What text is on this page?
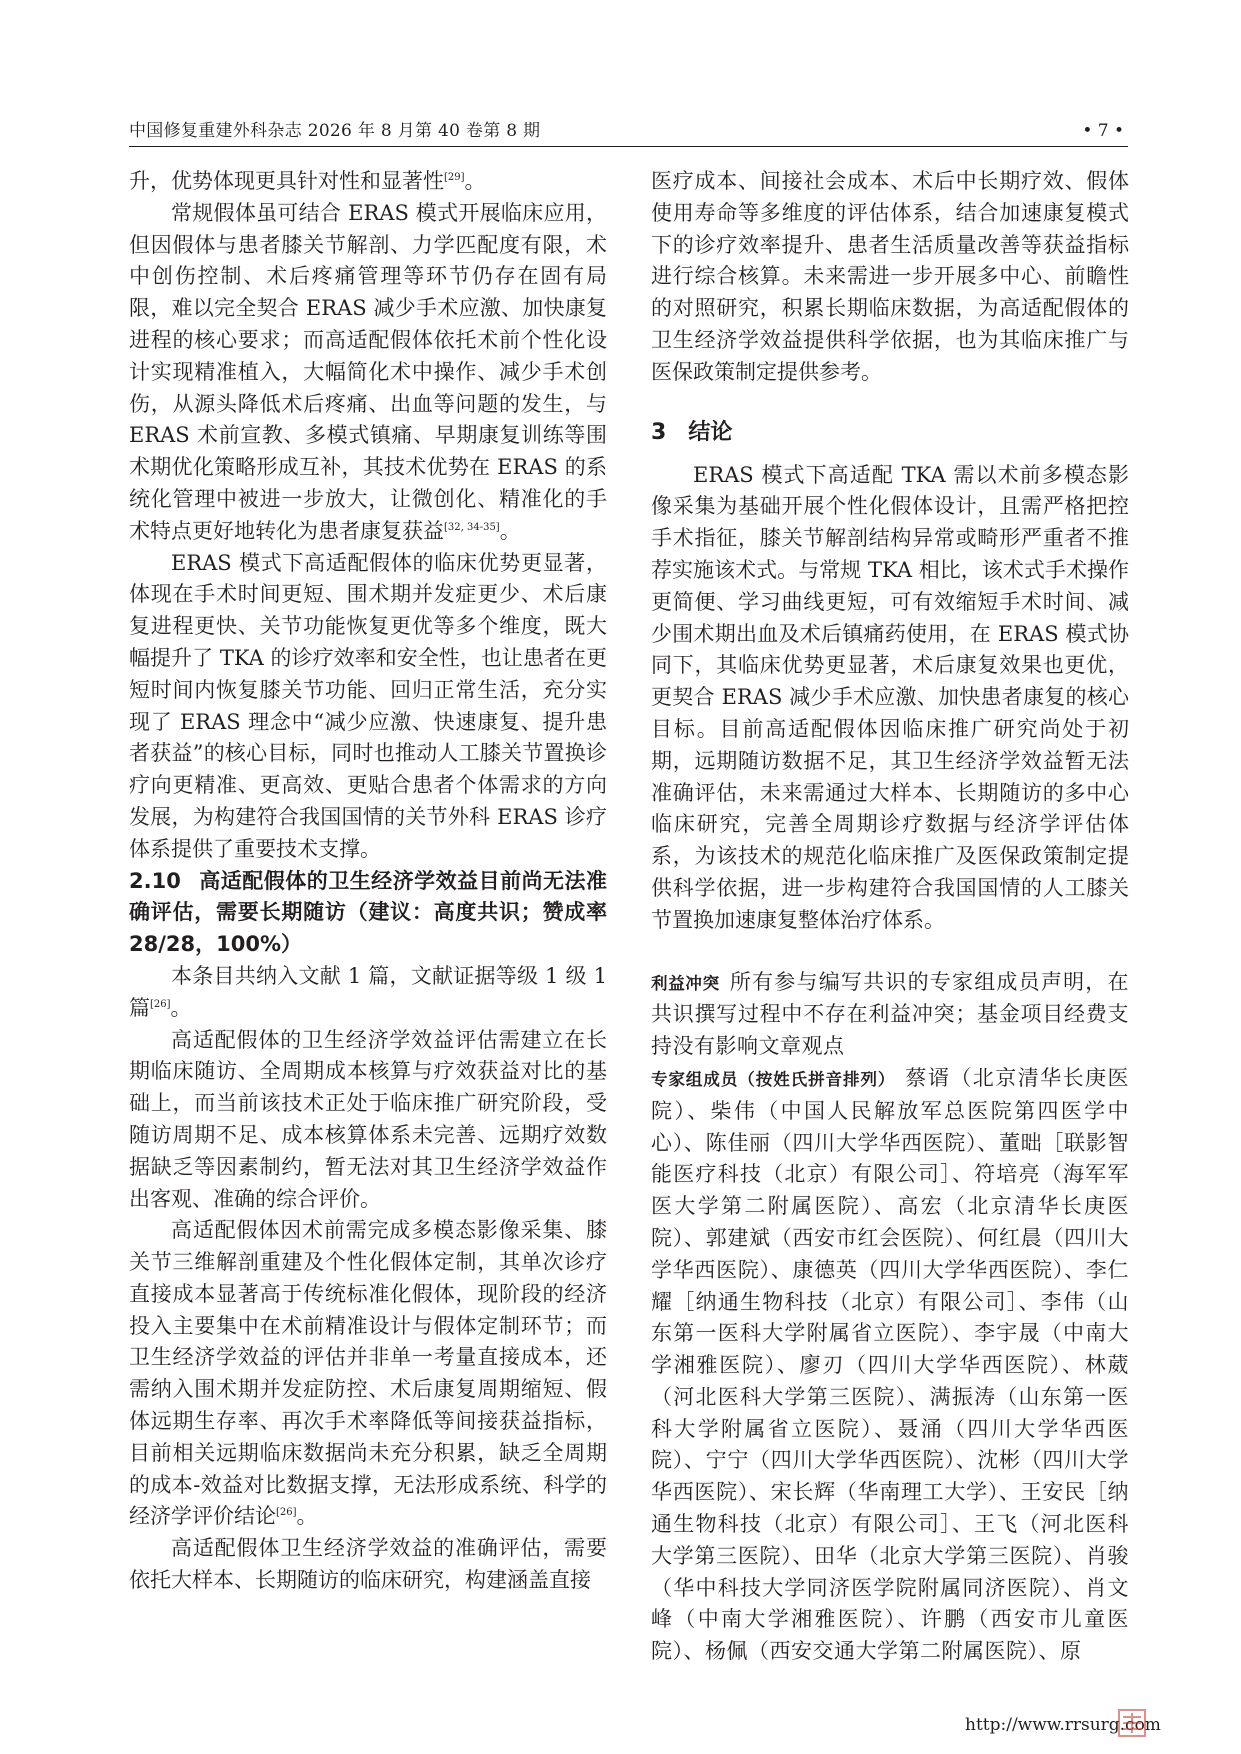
中国修复重建外科杂志 2026 年 8 月第 40 卷第 8 期	• 7 •

升，优势体现更具针对性和显著性[29]。

常规假体虽可结合 ERAS 模式开展临床应用，但因假体与患者膝关节解剖、力学匹配度有限，术中创伤控制、术后疼痛管理等环节仍存在固有局限，难以完全契合 ERAS 减少手术应激、加快康复进程的核心要求；而高适配假体依托术前个性化设计实现精准植入，大幅简化术中操作、减少手术创伤，从源头降低术后疼痛、出血等问题的发生，与 ERAS 术前宣教、多模式镇痛、早期康复训练等围术期优化策略形成互补，其技术优势在 ERAS 的系统化管理中被进一步放大，让微创化、精准化的手术特点更好地转化为患者康复获益[32, 34-35]。

ERAS 模式下高适配假体的临床优势更显著，体现在手术时间更短、围术期并发症更少、术后康复进程更快、关节功能恢复更优等多个维度，既大幅提升了 TKA 的诊疗效率和安全性，也让患者在更短时间内恢复膝关节功能、回归正常生活，充分实现了 ERAS 理念中“减少应激、快速康复、提升患者获益”的核心目标，同时也推动人工膝关节置换诊疗向更精准、更高效、更贴合患者个体需求的方向发展，为构建符合我国国情的关节外科 ERAS 诊疗体系提供了重要技术支撑。

2.10 高适配假体的卫生经济学效益目前尚无法准确评估，需要长期随访（建议：高度共识；赞成率 28/28，100%）

本条目共纳入文献 1 篇，文献证据等级 1 级 1 篇[26]。

高适配假体的卫生经济学效益评估需建立在长期临床随访、全周期成本核算与疗效获益对比的基础上，而当前该技术正处于临床推广研究阶段，受随访周期不足、成本核算体系未完善、远期疗效数据缺乏等因素制约，暂无法对其卫生经济学效益作出客观、准确的综合评价。

高适配假体因术前需完成多模态影像采集、膝关节三维解剖重建及个性化假体定制，其单次诊疗直接成本显著高于传统标准化假体，现阶段的经济投入主要集中在术前精准设计与假体定制环节；而卫生经济学效益的评估并非单一考量直接成本，还需纳入围术期并发症防控、术后康复周期缩短、假体远期生存率、再次手术率降低等间接获益指标，目前相关远期临床数据尚未充分积累，缺乏全周期的成本-效益对比数据支撑，无法形成系统、科学的经济学评价结论[26]。

高适配假体卫生经济学效益的准确评估，需要依托大样本、长期随访的临床研究，构建涵盖直接

医疗成本、间接社会成本、术后中长期疗效、假体使用寿命等多维度的评估体系，结合加速康复模式下的诊疗效率提升、患者生活质量改善等获益指标进行综合核算。未来需进一步开展多中心、前瞻性的对照研究，积累长期临床数据，为高适配假体的卫生经济学效益提供科学依据，也为其临床推广与医保政策制定提供参考。

3 结论

ERAS 模式下高适配 TKA 需以术前多模态影像采集为基础开展个性化假体设计，且需严格把控手术指征，膝关节解剖结构异常或畸形严重者不推荐实施该术式。与常规 TKA 相比，该术式手术操作更简便、学习曲线更短，可有效缩短手术时间、减少围术期出血及术后镇痛药使用，在 ERAS 模式协同下，其临床优势更显著，术后康复效果也更优，更契合 ERAS 减少手术应激、加快患者康复的核心目标。目前高适配假体因临床推广研究尚处于初期，远期随访数据不足，其卫生经济学效益暂无法准确评估，未来需通过大样本、长期随访的多中心临床研究，完善全周期诊疗数据与经济学评估体系，为该技术的规范化临床推广及医保政策制定提供科学依据，进一步构建符合我国国情的人工膝关节置换加速康复整体治疗体系。

利益冲突 所有参与编写共识的专家组成员声明，在共识撰写过程中不存在利益冲突；基金项目经费支持没有影响文章观点

专家组成员（按姓氏拼音排列） 蔡谞（北京清华长庚医院）、柴伟（中国人民解放军总医院第四医学中心）、陈佳丽（四川大学华西医院）、董昢［联影智能医疗科技（北京）有限公司］、符培亮（海军军医大学第二附属医院）、高宏（北京清华长庚医院）、郭建斌（西安市红会医院）、何红晨（四川大学华西医院）、康德英（四川大学华西医院）、李仁耀［纳通生物科技（北京）有限公司］、李伟（山东第一医科大学附属省立医院）、李宇晟（中南大学湘雅医院）、廖刃（四川大学华西医院）、林葳（河北医科大学第三医院）、满振涛（山东第一医科大学附属省立医院）、聂涌（四川大学华西医院）、宁宁（四川大学华西医院）、沈彬（四川大学华西医院）、宋长辉（华南理工大学）、王安民［纳通生物科技（北京）有限公司］、王飞（河北医科大学第三医院）、田华（北京大学第三医院）、肖骏（华中科技大学同济医学院附属同济医院）、肖文峰（中南大学湘雅医院）、许鹏（西安市儿童医院）、杨佩（西安交通大学第二附属医院）、原

http://www.rrsurg.com
